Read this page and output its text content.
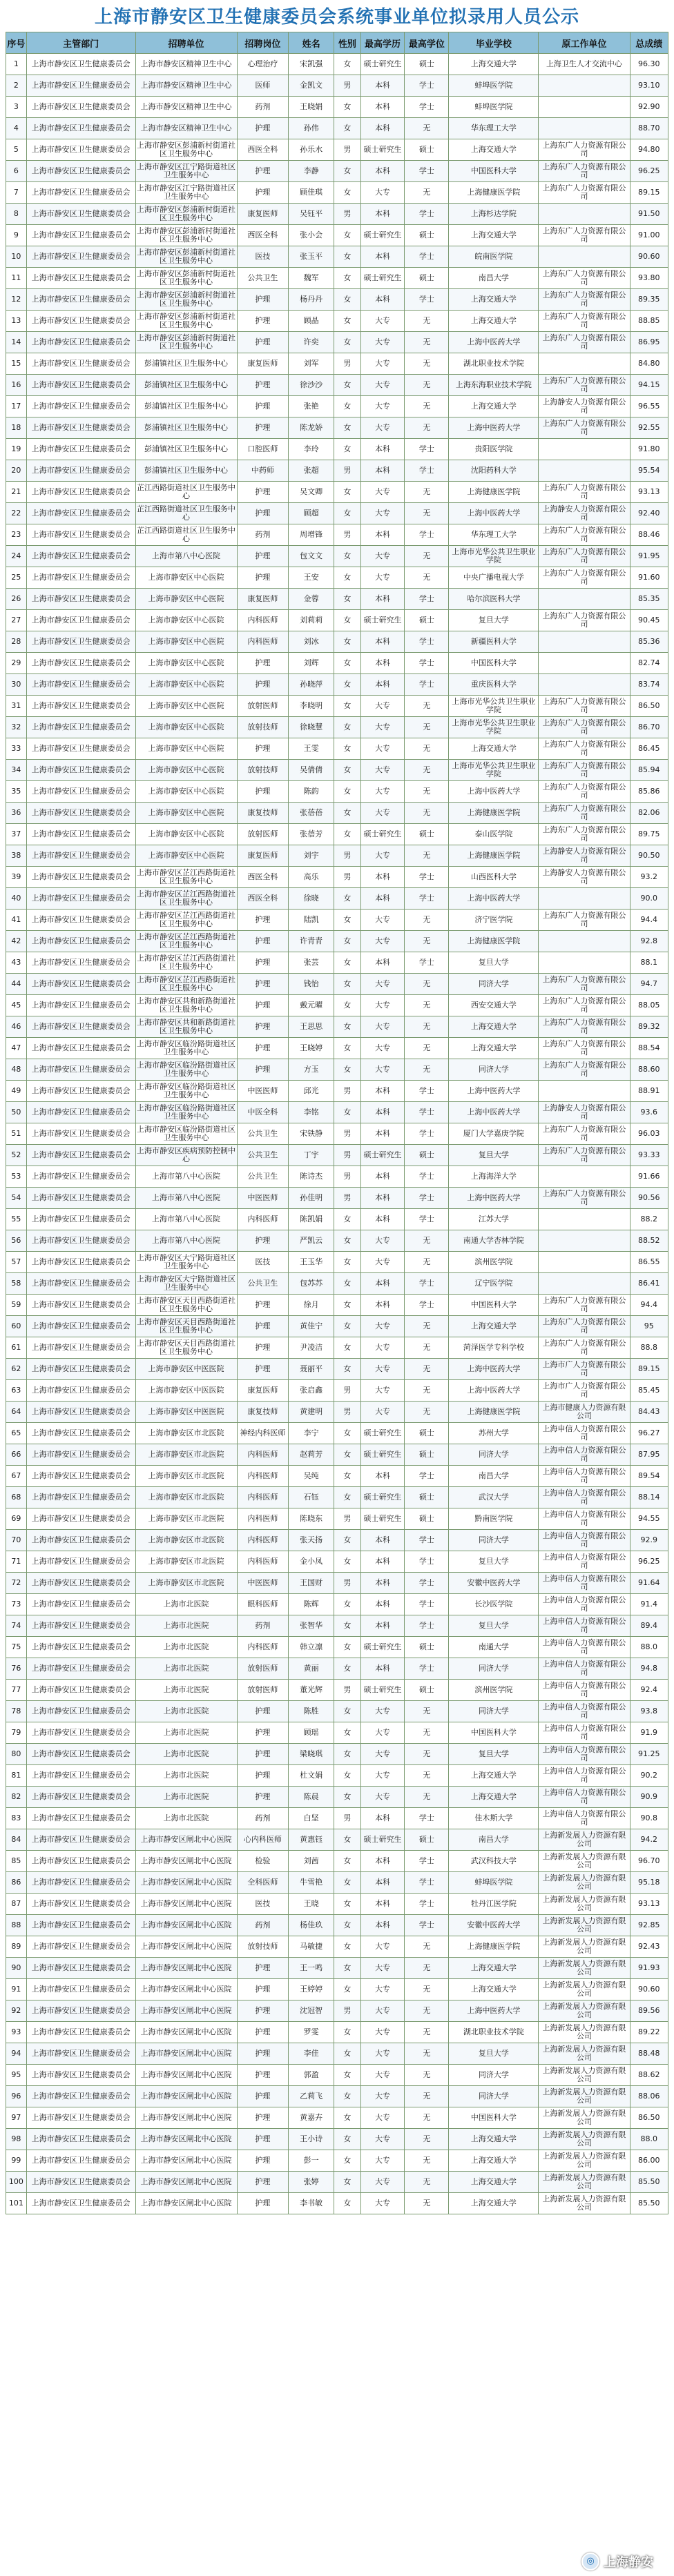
上海市静安区卫生健康委员会系统事业单位拟录用人员公示
序号	主管部门	招聘单位	招聘岗位	姓名	性别	最高学历	最高学位	毕业学校	原工作单位	总成绩
1	上海市静安区卫生健康委员会	上海市静安区精神卫生中心	心理治疗	宋凯强	女	硕士研究生	硕士	上海交通大学	上海卫生人才交流中心	96.30
2	上海市静安区卫生健康委员会	上海市静安区精神卫生中心	医师	金凯文	男	本科	学士	蚌埠医学院		93.10
3	上海市静安区卫生健康委员会	上海市静安区精神卫生中心	药剂	王晓娟	女	本科	学士	蚌埠医学院		92.90
4	上海市静安区卫生健康委员会	上海市静安区精神卫生中心	护理	孙伟	女	本科	无	华东理工大学		88.70
5	上海市静安区卫生健康委员会	上海市静安区彭浦新村街道社区卫生服务中心	西医全科	孙乐水	男	硕士研究生	硕士	上海交通大学	上海东广人力资源有限公司	94.80
6	上海市静安区卫生健康委员会	上海市静安区江宁路街道社区卫生服务中心	护理	李静	女	本科	学士	中国医科大学	上海东广人力资源有限公司	96.25
7	上海市静安区卫生健康委员会	上海市静安区江宁路街道社区卫生服务中心	护理	顾佳琪	女	大专	无	上海健康医学院	上海东广人力资源有限公司	89.15
8	上海市静安区卫生健康委员会	上海市静安区彭浦新村街道社区卫生服务中心	康复医师	吴钰平	男	本科	学士	上海杉达学院		91.50
9	上海市静安区卫生健康委员会	上海市静安区彭浦新村街道社区卫生服务中心	西医全科	张小会	女	硕士研究生	硕士	上海交通大学	上海东广人力资源有限公司	91.00
10	上海市静安区卫生健康委员会	上海市静安区彭浦新村街道社区卫生服务中心	医技	张玉平	女	本科	学士	皖南医学院		90.60
11	上海市静安区卫生健康委员会	上海市静安区彭浦新村街道社区卫生服务中心	公共卫生	魏军	女	硕士研究生	硕士	南昌大学	上海东广人力资源有限公司	93.80
12	上海市静安区卫生健康委员会	上海市静安区彭浦新村街道社区卫生服务中心	护理	杨丹丹	女	本科	学士	上海交通大学	上海东广人力资源有限公司	89.35
13	上海市静安区卫生健康委员会	上海市静安区彭浦新村街道社区卫生服务中心	护理	顾晶	女	大专	无	上海交通大学	上海东广人力资源有限公司	88.85
14	上海市静安区卫生健康委员会	上海市静安区彭浦新村街道社区卫生服务中心	护理	许奕	女	大专	无	上海中医药大学	上海东广人力资源有限公司	86.95
15	上海市静安区卫生健康委员会	彭浦镇社区卫生服务中心	康复医师	刘军	男	大专	无	湖北职业技术学院		84.80
16	上海市静安区卫生健康委员会	彭浦镇社区卫生服务中心	护理	徐沙沙	女	大专	无	上海东海职业技术学院	上海东广人力资源有限公司	94.15
17	上海市静安区卫生健康委员会	彭浦镇社区卫生服务中心	护理	张艳	女	大专	无	上海交通大学	上海静安人力资源有限公司	96.55
18	上海市静安区卫生健康委员会	彭浦镇社区卫生服务中心	护理	陈龙娇	女	大专	无	上海中医药大学	上海东广人力资源有限公司	92.55
19	上海市静安区卫生健康委员会	彭浦镇社区卫生服务中心	口腔医师	李玲	女	本科	学士	贵阳医学院		91.80
20	上海市静安区卫生健康委员会	彭浦镇社区卫生服务中心	中药师	张超	男	本科	学士	沈阳药科大学		95.54
21	上海市静安区卫生健康委员会	芷江西路街道社区卫生服务中心	护理	吴文卿	女	大专	无	上海健康医学院	上海东广人力资源有限公司	93.13
22	上海市静安区卫生健康委员会	芷江西路街道社区卫生服务中心	护理	顾超	女	大专	无	上海中医药大学	上海静安人力资源有限公司	92.40
23	上海市静安区卫生健康委员会	芷江西路街道社区卫生服务中心	药剂	周增锋	男	本科	学士	华东理工大学	上海东广人力资源有限公司	88.46
24	上海市静安区卫生健康委员会	上海市第八中心医院	护理	包文文	女	大专	无	上海市光华公共卫生职业学院	上海东广人力资源有限公司	91.95
25	上海市静安区卫生健康委员会	上海市静安区中心医院	护理	王安	女	大专	无	中央广播电视大学	上海东广人力资源有限公司	91.60
26	上海市静安区卫生健康委员会	上海市静安区中心医院	康复医师	金蓉	女	本科	学士	哈尔滨医科大学		85.35
27	上海市静安区卫生健康委员会	上海市静安区中心医院	内科医师	刘莉莉	女	硕士研究生	硕士	复旦大学	上海东广人力资源有限公司	90.45
28	上海市静安区卫生健康委员会	上海市静安区中心医院	内科医师	刘冰	女	本科	学士	新疆医科大学		85.36
29	上海市静安区卫生健康委员会	上海市静安区中心医院	护理	刘辉	女	本科	学士	中国医科大学		82.74
30	上海市静安区卫生健康委员会	上海市静安区中心医院	护理	孙晓萍	女	本科	学士	重庆医科大学		83.74
31	上海市静安区卫生健康委员会	上海市静安区中心医院	放射医师	李晓明	女	大专	无	上海市光华公共卫生职业学院	上海东广人力资源有限公司	86.50
32	上海市静安区卫生健康委员会	上海市静安区中心医院	放射技师	徐晓慧	女	大专	无	上海市光华公共卫生职业学院	上海东广人力资源有限公司	86.70
33	上海市静安区卫生健康委员会	上海市静安区中心医院	护理	王雯	女	大专	无	上海交通大学	上海东广人力资源有限公司	86.45
34	上海市静安区卫生健康委员会	上海市静安区中心医院	放射技师	吴倩倩	女	大专	无	上海市光华公共卫生职业学院	上海东广人力资源有限公司	85.94
35	上海市静安区卫生健康委员会	上海市静安区中心医院	护理	陈韵	女	大专	无	上海中医药大学	上海东广人力资源有限公司	85.86
36	上海市静安区卫生健康委员会	上海市静安区中心医院	康复技师	张蓓蓓	女	大专	无	上海健康医学院	上海东广人力资源有限公司	82.06
37	上海市静安区卫生健康委员会	上海市静安区中心医院	放射医师	张蓓芳	女	硕士研究生	硕士	泰山医学院	上海东广人力资源有限公司	89.75
38	上海市静安区卫生健康委员会	上海市静安区中心医院	康复医师	刘宇	男	大专	无	上海健康医学院	上海静安人力资源有限公司	90.50
39	上海市静安区卫生健康委员会	上海市静安区芷江西路街道社区卫生服务中心	西医全科	高乐	男	本科	学士	山西医科大学	上海静安人力资源有限公司	93.2
40	上海市静安区卫生健康委员会	上海市静安区芷江西路街道社区卫生服务中心	西医全科	徐晓	女	本科	学士	上海中医药大学		90.0
41	上海市静安区卫生健康委员会	上海市静安区芷江西路街道社区卫生服务中心	护理	陆凯	女	大专	无	济宁医学院	上海东广人力资源有限公司	94.4
42	上海市静安区卫生健康委员会	上海市静安区芷江西路街道社区卫生服务中心	护理	许青青	女	大专	无	上海健康医学院		92.8
43	上海市静安区卫生健康委员会	上海市静安区芷江西路街道社区卫生服务中心	护理	张芸	女	本科	学士	复旦大学		88.1
44	上海市静安区卫生健康委员会	上海市静安区芷江西路街道社区卫生服务中心	护理	钱怡	女	大专	无	同济大学	上海东广人力资源有限公司	94.7
45	上海市静安区卫生健康委员会	上海市静安区共和新路街道社区卫生服务中心	护理	戴元曜	女	大专	无	西安交通大学	上海东广人力资源有限公司	88.05
46	上海市静安区卫生健康委员会	上海市静安区共和新路街道社区卫生服务中心	护理	王思思	女	大专	无	上海交通大学	上海东广人力资源有限公司	89.32
47	上海市静安区卫生健康委员会	上海市静安区临汾路街道社区卫生服务中心	护理	王晓婷	女	大专	无	上海交通大学	上海东广人力资源有限公司	88.54
48	上海市静安区卫生健康委员会	上海市静安区临汾路街道社区卫生服务中心	护理	方玉	女	大专	无	同济大学	上海东广人力资源有限公司	88.60
49	上海市静安区卫生健康委员会	上海市静安区临汾路街道社区卫生服务中心	中医医师	邱光	男	本科	学士	上海中医药大学		88.91
50	上海市静安区卫生健康委员会	上海市静安区临汾路街道社区卫生服务中心	中医全科	李铭	女	本科	学士	上海中医药大学	上海静安人力资源有限公司	93.6
51	上海市静安区卫生健康委员会	上海市静安区临汾路街道社区卫生服务中心	公共卫生	宋铁静	男	本科	学士	厦门大学嘉庚学院	上海东广人力资源有限公司	96.03
52	上海市静安区卫生健康委员会	上海市静安区疾病预防控制中心	公共卫生	丁宇	男	硕士研究生	硕士	复旦大学	上海东广人力资源有限公司	93.33
53	上海市静安区卫生健康委员会	上海市第八中心医院	公共卫生	陈诗杰	男	本科	学士	上海海洋大学		91.66
54	上海市静安区卫生健康委员会	上海市第八中心医院	中医医师	孙佳明	男	本科	学士	上海中医药大学	上海东广人力资源有限公司	90.56
55	上海市静安区卫生健康委员会	上海市第八中心医院	内科医师	陈凯娟	女	本科	学士	江苏大学		88.2
56	上海市静安区卫生健康委员会	上海市第八中心医院	护理	严凯云	女	大专	无	南通大学杏林学院		88.52
57	上海市静安区卫生健康委员会	上海市静安区大宁路街道社区卫生服务中心	医技	王玉华	女	大专	无	滨州医学院		86.55
58	上海市静安区卫生健康委员会	上海市静安区大宁路街道社区卫生服务中心	公共卫生	包苏苏	女	本科	学士	辽宁医学院		86.41
59	上海市静安区卫生健康委员会	上海市静安区天目西路街道社区卫生服务中心	护理	徐月	女	本科	学士	中国医科大学	上海东广人力资源有限公司	94.4
60	上海市静安区卫生健康委员会	上海市静安区天目西路街道社区卫生服务中心	护理	黄佳宁	女	大专	无	上海交通大学	上海东广人力资源有限公司	95
61	上海市静安区卫生健康委员会	上海市静安区天目西路街道社区卫生服务中心	护理	尹凌洁	女	大专	无	菏泽医学专科学校	上海东广人力资源有限公司	88.8
62	上海市静安区卫生健康委员会	上海市静安区中医医院	护理	聂丽平	女	大专	无	上海中医药大学	上海市广人力资源有限公司	89.15
63	上海市静安区卫生健康委员会	上海市静安区中医医院	康复医师	张启鑫	男	大专	无	上海中医药大学	上海市广人力资源有限公司	85.45
64	上海市静安区卫生健康委员会	上海市静安区中医医院	康复技师	黄建明	男	大专	无	上海健康医学院	上海市健康人力资源有限公司	84.43
65	上海市静安区卫生健康委员会	上海市静安区市北医院	神经内科医师	李宁	女	硕士研究生	硕士	苏州大学	上海申信人力资源有限公司	96.27
66	上海市静安区卫生健康委员会	上海市静安区市北医院	内科医师	赵莉芳	女	硕士研究生	硕士	同济大学	上海申信人力资源有限公司	87.95
67	上海市静安区卫生健康委员会	上海市静安区市北医院	内科医师	吴纯	女	本科	学士	南昌大学	上海申信人力资源有限公司	89.54
68	上海市静安区卫生健康委员会	上海市静安区市北医院	内科医师	石钰	女	硕士研究生	硕士	武汉大学	上海申信人力资源有限公司	88.14
69	上海市静安区卫生健康委员会	上海市静安区市北医院	内科医师	陈晓东	男	硕士研究生	硕士	黔南医学院	上海申信人力资源有限公司	94.55
70	上海市静安区卫生健康委员会	上海市静安区市北医院	内科医师	张天扬	女	本科	学士	同济大学	上海申信人力资源有限公司	92.9
71	上海市静安区卫生健康委员会	上海市静安区市北医院	内科医师	金小凤	女	本科	学士	复旦大学	上海申信人力资源有限公司	96.25
72	上海市静安区卫生健康委员会	上海市静安区市北医院	中医医师	王国财	男	本科	学士	安徽中医药大学	上海申信人力资源有限公司	91.64
73	上海市静安区卫生健康委员会	上海市北医院	眼科医师	陈辉	女	本科	学士	长沙医学院	上海申信人力资源有限公司	91.4
74	上海市静安区卫生健康委员会	上海市北医院	药剂	张智华	女	本科	学士	复旦大学	上海申信人力资源有限公司	89.4
75	上海市静安区卫生健康委员会	上海市北医院	内科医师	韩立凛	女	硕士研究生	硕士	南通大学	上海申信人力资源有限公司	88.0
76	上海市静安区卫生健康委员会	上海市北医院	放射医师	黄丽	女	本科	学士	同济大学	上海申信人力资源有限公司	94.8
77	上海市静安区卫生健康委员会	上海市北医院	放射医师	董光辉	男	硕士研究生	硕士	滨州医学院	上海申信人力资源有限公司	92.4
78	上海市静安区卫生健康委员会	上海市北医院	护理	陈胜	女	大专	无	同济大学	上海申信人力资源有限公司	93.8
79	上海市静安区卫生健康委员会	上海市北医院	护理	顾瑶	女	大专	无	中国医科大学	上海申信人力资源有限公司	91.9
80	上海市静安区卫生健康委员会	上海市北医院	护理	梁晓琪	女	大专	无	复旦大学	上海申信人力资源有限公司	91.25
81	上海市静安区卫生健康委员会	上海市北医院	护理	杜文娟	女	大专	无	上海交通大学	上海申信人力资源有限公司	90.2
82	上海市静安区卫生健康委员会	上海市北医院	护理	陈晨	女	大专	无	上海交通大学	上海申信人力资源有限公司	90.9
83	上海市静安区卫生健康委员会	上海市北医院	药剂	白坚	男	本科	学士	佳木斯大学	上海申信人力资源有限公司	90.8
84	上海市静安区卫生健康委员会	上海市静安区闸北中心医院	心内科医师	黄惠钰	女	硕士研究生	硕士	南昌大学	上海新发展人力资源有限公司	94.2
85	上海市静安区卫生健康委员会	上海市静安区闸北中心医院	检验	刘茜	女	本科	学士	武汉科技大学	上海新发展人力资源有限公司	96.70
86	上海市静安区卫生健康委员会	上海市静安区闸北中心医院	全科医师	牛雪艳	女	本科	学士	蚌埠医学院	上海新发展人力资源有限公司	95.18
87	上海市静安区卫生健康委员会	上海市静安区闸北中心医院	医技	王晓	女	本科	学士	牡丹江医学院	上海新发展人力资源有限公司	93.13
88	上海市静安区卫生健康委员会	上海市静安区闸北中心医院	药剂	杨佳玖	女	本科	学士	安徽中医药大学	上海新发展人力资源有限公司	92.85
89	上海市静安区卫生健康委员会	上海市静安区闸北中心医院	放射技师	马敏捷	女	大专	无	上海健康医学院	上海新发展人力资源有限公司	92.43
90	上海市静安区卫生健康委员会	上海市静安区闸北中心医院	护理	王一鸣	女	大专	无	上海交通大学	上海新发展人力资源有限公司	91.93
91	上海市静安区卫生健康委员会	上海市静安区闸北中心医院	护理	王婷婷	女	大专	无	上海交通大学	上海新发展人力资源有限公司	90.60
92	上海市静安区卫生健康委员会	上海市静安区闸北中心医院	护理	沈冠智	男	大专	无	上海中医药大学	上海新发展人力资源有限公司	89.56
93	上海市静安区卫生健康委员会	上海市静安区闸北中心医院	护理	罗雯	女	大专	无	湖北职业技术学院	上海新发展人力资源有限公司	89.22
94	上海市静安区卫生健康委员会	上海市静安区闸北中心医院	护理	李佳	女	大专	无	复旦大学	上海新发展人力资源有限公司	88.48
95	上海市静安区卫生健康委员会	上海市静安区闸北中心医院	护理	郭盈	女	大专	无	同济大学	上海新发展人力资源有限公司	88.62
96	上海市静安区卫生健康委员会	上海市静安区闸北中心医院	护理	乙莉飞	女	大专	无	同济大学	上海新发展人力资源有限公司	88.06
97	上海市静安区卫生健康委员会	上海市静安区闸北中心医院	护理	黄嘉卉	女	大专	无	中国医科大学	上海新发展人力资源有限公司	86.50
98	上海市静安区卫生健康委员会	上海市静安区闸北中心医院	护理	王小诗	女	大专	无	上海交通大学	上海新发展人力资源有限公司	88.0
99	上海市静安区卫生健康委员会	上海市静安区闸北中心医院	护理	彭一	女	大专	无	上海交通大学	上海新发展人力资源有限公司	86.00
100	上海市静安区卫生健康委员会	上海市静安区闸北中心医院	护理	张婷	女	大专	无	上海交通大学	上海新发展人力资源有限公司	85.50
101	上海市静安区卫生健康委员会	上海市静安区闸北中心医院	护理	李书敏	女	大专	无	上海交通大学	上海新发展人力资源有限公司	85.50
◎ 上海静安
